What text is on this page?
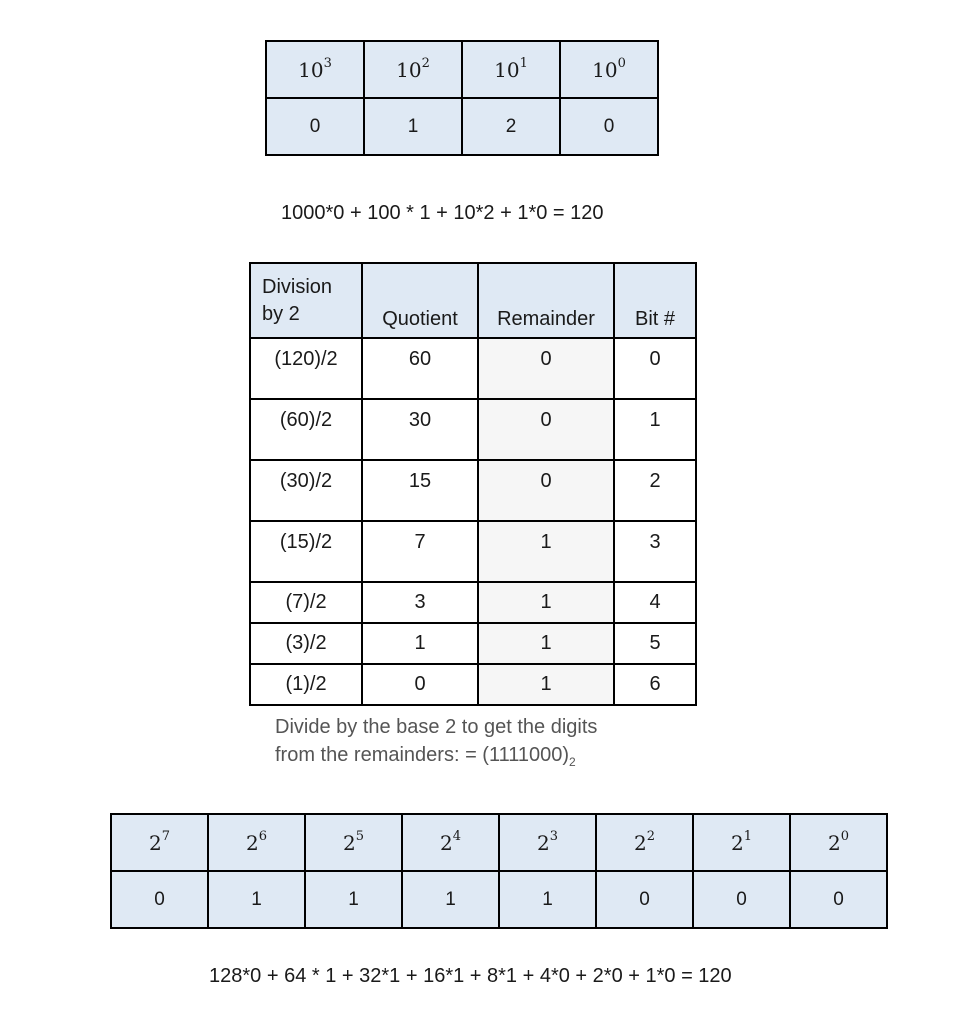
$10^3$	$10^2$	$10^1$	$10^0$
0	1	2	0
1000*0 + 100 * 1 + 10*2 + 1*0 = 120
Division
by 2	Quotient	Remainder	Bit #
(120)/2	60	0	0
(60)/2	30	0	1
(30)/2	15	0	2
(15)/2	7	1	3
(7)/2	3	1	4
(3)/2	1	1	5
(1)/2	0	1	6
Divide by the base 2 to get the digits
from the remainders: = $(1111000)_2$
$2^7$	$2^6$	$2^5$	$2^4$	$2^3$	$2^2$	$2^1$	$2^0$
0	1	1	1	1	0	0	0
128*0 + 64 * 1 + 32*1 + 16*1 + 8*1 + 4*0 + 2*0 + 1*0 = 120
